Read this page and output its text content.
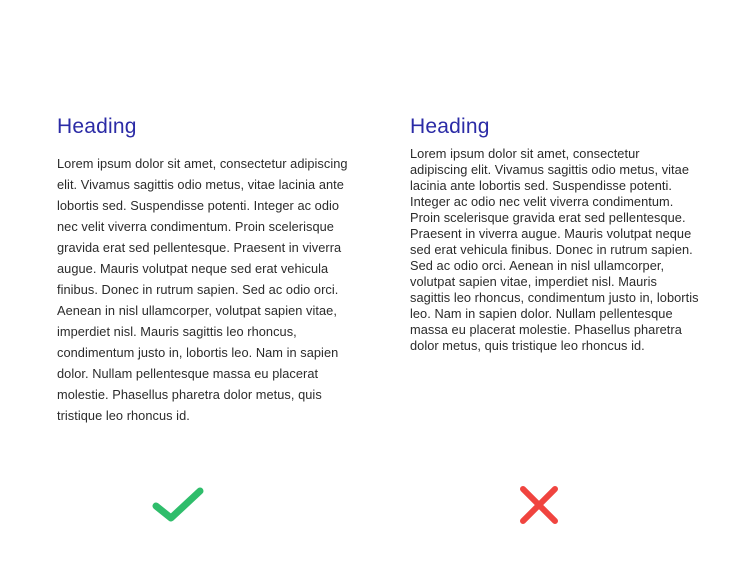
Heading

Lorem ipsum dolor sit amet, consectetur adipiscing elit. Vivamus sagittis odio metus, vitae lacinia ante lobortis sed. Suspendisse potenti. Integer ac odio nec velit viverra condimentum. Proin scelerisque gravida erat sed pellentesque. Praesent in viverra augue. Mauris volutpat neque sed erat vehicula finibus. Donec in rutrum sapien. Sed ac odio orci. Aenean in nisl ullamcorper, volutpat sapien vitae, imperdiet nisl. Mauris sagittis leo rhoncus, condimentum justo in, lobortis leo. Nam in sapien dolor. Nullam pellentesque massa eu placerat molestie. Phasellus pharetra dolor metus, quis tristique leo rhoncus id.

Heading

Lorem ipsum dolor sit amet, consectetur adipiscing elit. Vivamus sagittis odio metus, vitae lacinia ante lobortis sed. Suspendisse potenti. Integer ac odio nec velit viverra condimentum. Proin scelerisque gravida erat sed pellentesque. Praesent in viverra augue. Mauris volutpat neque sed erat vehicula finibus. Donec in rutrum sapien. Sed ac odio orci. Aenean in nisl ullamcorper, volutpat sapien vitae, imperdiet nisl. Mauris sagittis leo rhoncus, condimentum justo in, lobortis leo. Nam in sapien dolor. Nullam pellentesque massa eu placerat molestie. Phasellus pharetra dolor metus, quis tristique leo rhoncus id.
